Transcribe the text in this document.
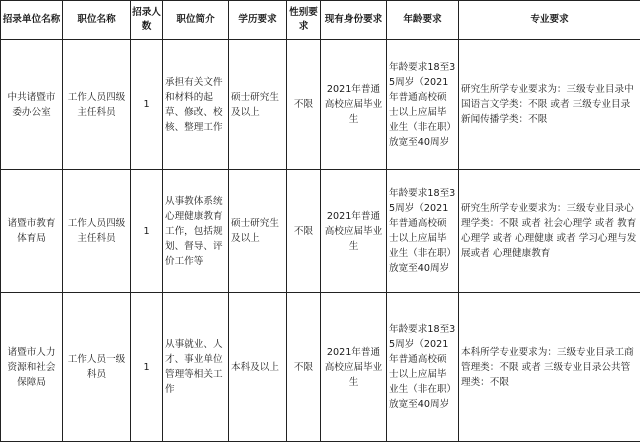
招录单位名称	职位名称	招录人数	职位简介	学历要求	性别要求	现有身份要求	年龄要求	专业要求
中共诸暨市委办公室	工作人员四级主任科员	1	承担有关文件和材料的起草、修改、校核、整理工作	硕士研究生及以上	不限	2021年普通高校应届毕业生	年龄要求18至35周岁（2021年普通高校硕士以上应届毕业生（非在职）放宽至40周岁	研究生所学专业要求为：三级专业目录中国语言文学类：不限 或者 三级专业目录新闻传播学类：不限
诸暨市教育体育局	工作人员四级主任科员	1	从事教体系统心理健康教育工作，包括规划、督导、评价工作等	硕士研究生及以上	不限	2021年普通高校应届毕业生	年龄要求18至35周岁（2021年普通高校硕士以上应届毕业生（非在职）放宽至40周岁	研究生所学专业要求为：三级专业目录心理学类：不限 或者 社会心理学 或者 教育心理学 或者 心理健康 或者 学习心理与发展或者 心理健康教育
诸暨市人力资源和社会保障局	工作人员一级科员	1	从事就业、人才、事业单位管理等相关工作	本科及以上	不限	2021年普通高校应届毕业生	年龄要求18至35周岁（2021年普通高校硕士以上应届毕业生（非在职）放宽至40周岁	本科所学专业要求为：三级专业目录工商管理类：不限 或者 三级专业目录公共管理类：不限
